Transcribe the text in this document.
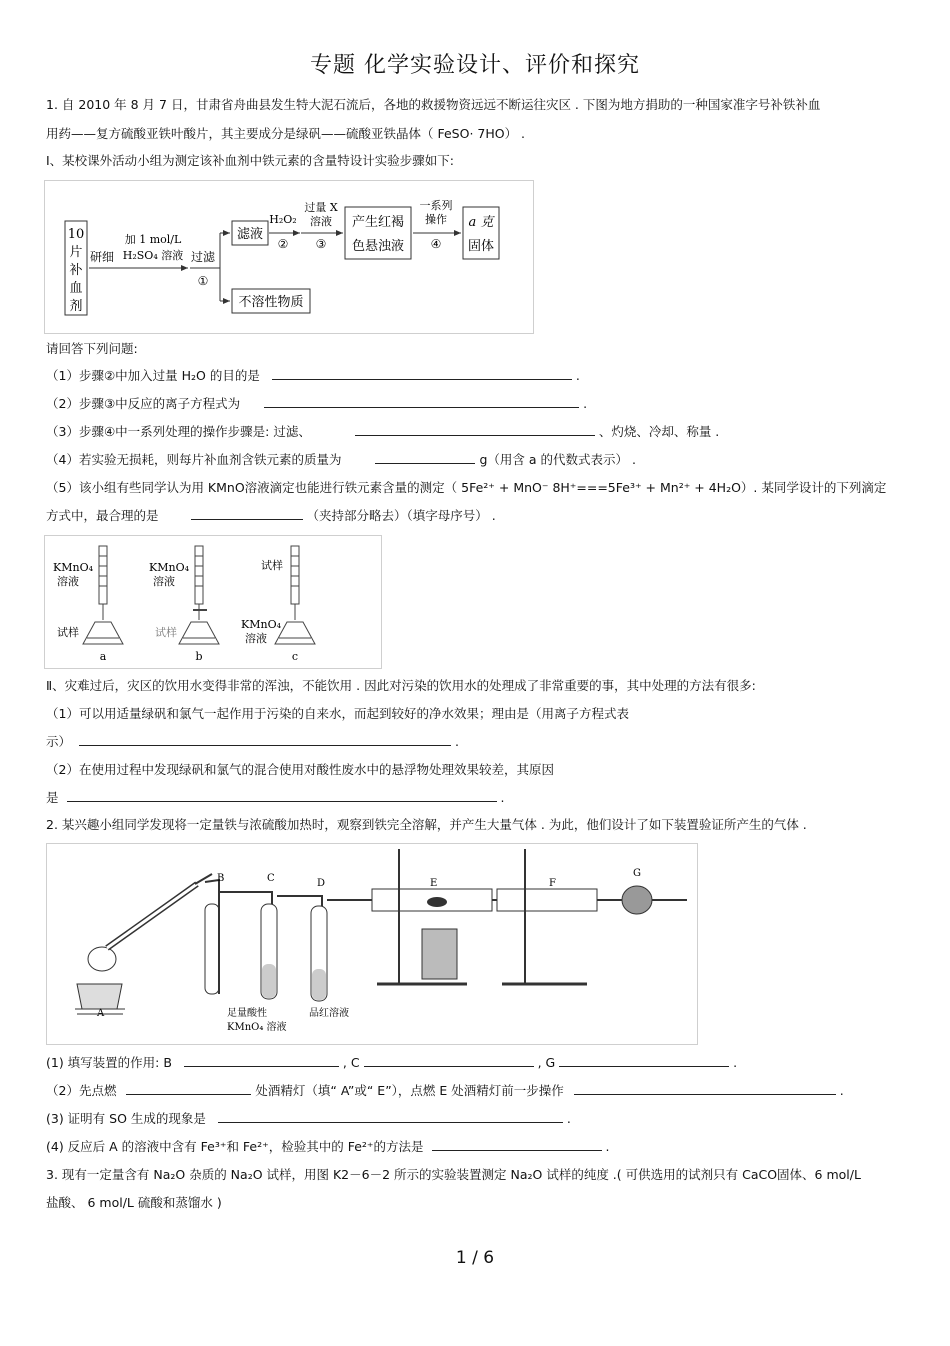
专题 化学实验设计、评价和探究
1. 自 2010 年 8 月 7 日，甘肃省舟曲县发生特大泥石流后，各地的救援物资远远不断运往灾区 . 下图为地方捐助的一种国家准字号补铁补血
用药——复方硫酸亚铁叶酸片，其主要成分是绿矾——硫酸亚铁晶体（ FeSO· 7HO） .
Ⅰ、某校课外活动小组为测定该补血剂中铁元素的含量特设计实验步骤如下:
10
片
补
血
剂
研细
加 1 mol/L
H₂SO₄ 溶液 过滤
①
滤液
H₂O₂
②
过量 X
溶液
③
产生红褐
色悬浊液
一系列
操作
④
a 克
固体
不溶性物质
请回答下列问题:
（1）步骤②中加入过量 H₂O 的目的是	.
（2）步骤③中反应的离子方程式为	.
（3）步骤④中一系列处理的操作步骤是: 过滤、	、灼烧、冷却、称量 .
（4）若实验无损耗，则每片补血剂含铁元素的质量为	g（用含 a 的代数式表示） .
（5）该小组有些同学认为用 KMnO溶液滴定也能进行铁元素含量的测定（ 5Fe²⁺ + MnO⁻ 8H⁺===5Fe³⁺ + Mn²⁺ + 4H₂O）. 某同学设计的下列滴定
方式中，最合理的是	（夹持部分略去）（填字母序号） .
KMnO₄
溶液
试样
a
KMnO₄
溶液
试样
b
试样
KMnO₄
溶液
c
Ⅱ、灾难过后，灾区的饮用水变得非常的浑浊，不能饮用 . 因此对污染的饮用水的处理成了非常重要的事，其中处理的方法有很多:
（1）可以用适量绿矾和氯气一起作用于污染的自来水，而起到较好的净水效果；理由是（用离子方程式表
示）	.
（2）在使用过程中发现绿矾和氯气的混合使用对酸性废水中的悬浮物处理效果较差，其原因
是	.
2. 某兴趣小组同学发现将一定量铁与浓硫酸加热时，观察到铁完全溶解，并产生大量气体 . 为此，他们设计了如下装置验证所产生的气体 .
A
B	C
足量酸性
KMnO₄ 溶液
D
品红溶液
E	F
G
(1) 填写装置的作用: B	, C	, G	.
（2）先点燃	处酒精灯（填“ A”或“ E”），点燃 E 处酒精灯前一步操作	.
(3) 证明有 SO 生成的现象是	.
(4) 反应后 A 的溶液中含有 Fe³⁺和 Fe²⁺，检验其中的 Fe²⁺的方法是	.
3. 现有一定量含有 Na₂O 杂质的 Na₂O 试样，用图 K2－6－2 所示的实验装置测定 Na₂O 试样的纯度 .( 可供选用的试剂只有 CaCO固体、6 mol/L
盐酸、 6 mol/L 硫酸和蒸馏水 )
1 / 6
